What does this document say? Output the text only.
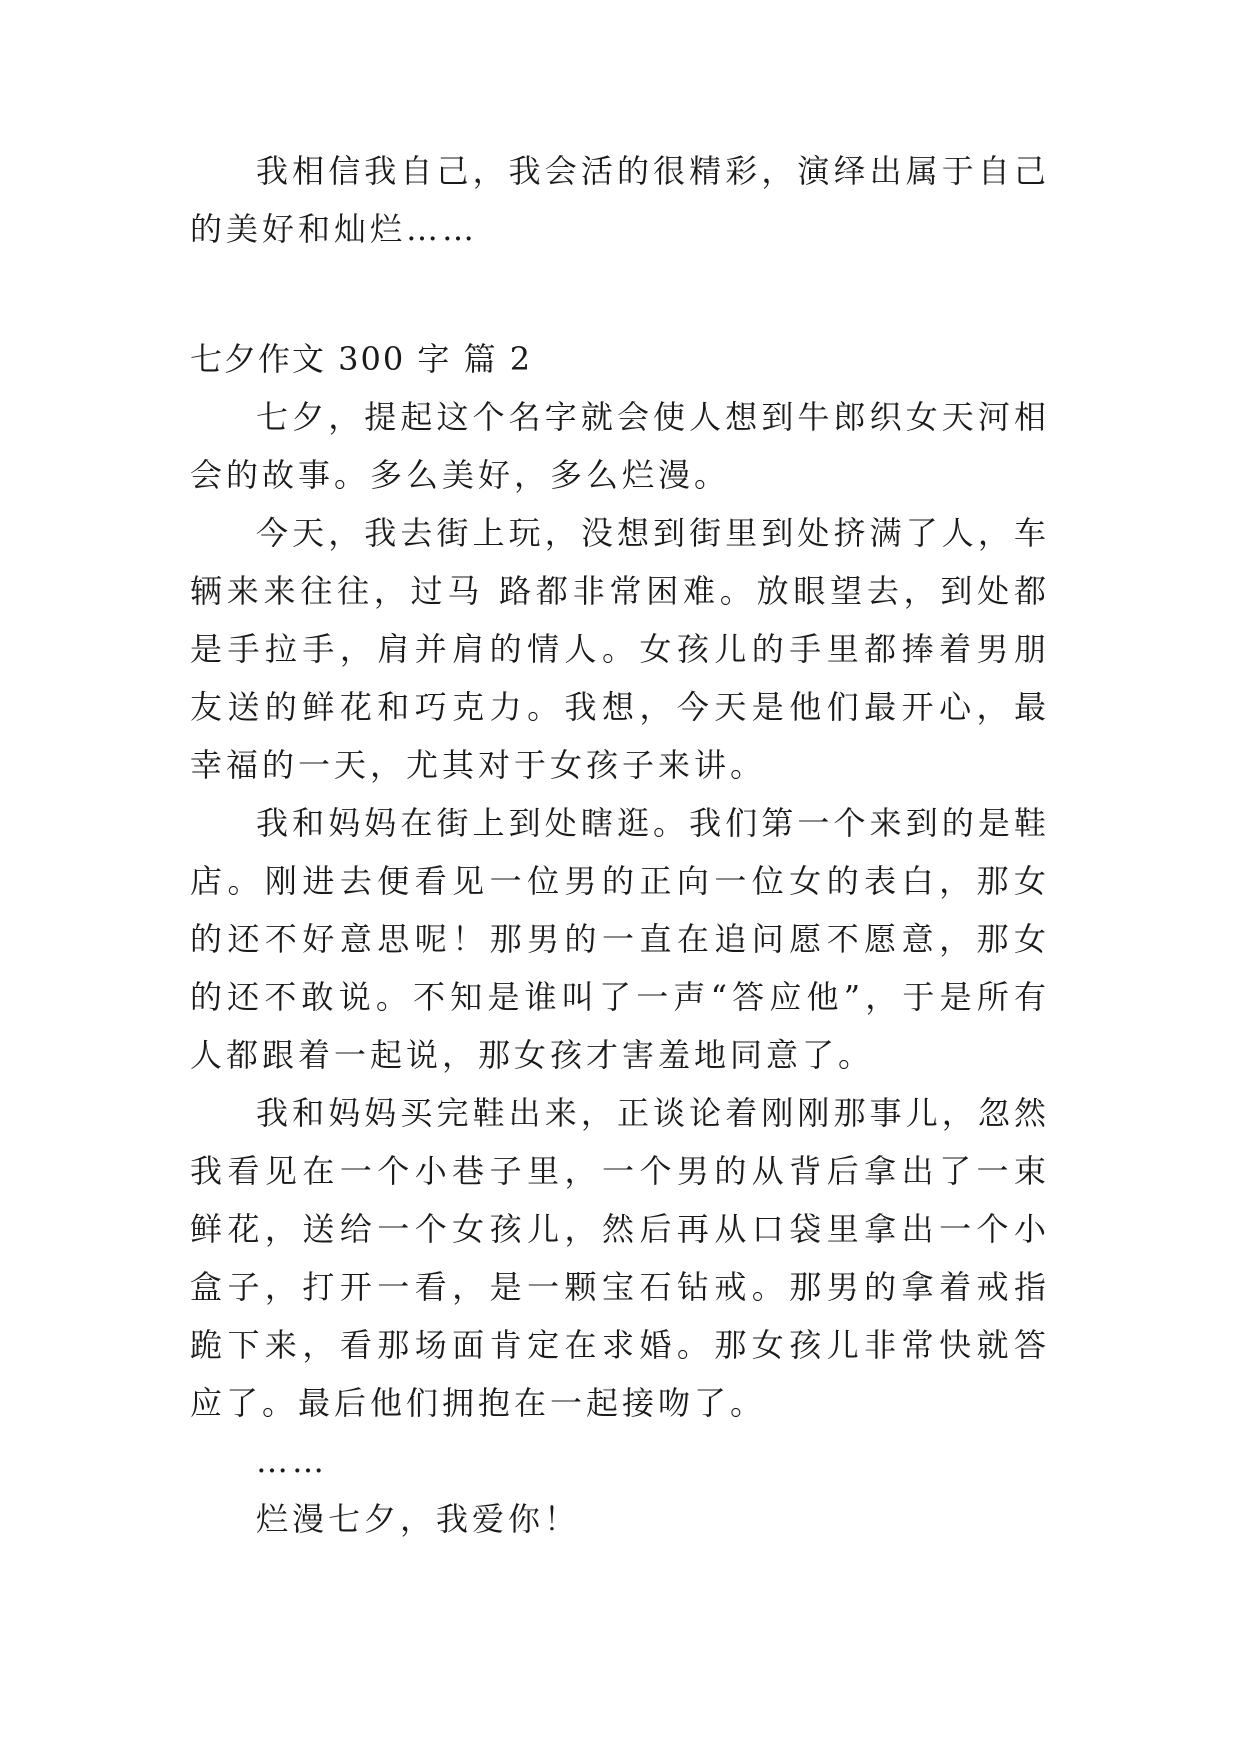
我相信我自己，我会活的很精彩，演绎出属于自己的美好和灿烂……

七夕作文 300 字 篇 2

七夕，提起这个名字就会使人想到牛郎织女天河相会的故事。多么美好，多么烂漫。

今天，我去街上玩，没想到街里到处挤满了人，车辆来来往往，过马 路都非常困难。放眼望去，到处都是手拉手，肩并肩的情人。女孩儿的手里都捧着男朋友送的鲜花和巧克力。我想，今天是他们最开心，最幸福的一天，尤其对于女孩子来讲。

我和妈妈在街上到处瞎逛。我们第一个来到的是鞋店。刚进去便看见一位男的正向一位女的表白，那女的还不好意思呢！那男的一直在追问愿不愿意，那女的还不敢说。不知是谁叫了一声“答应他”，于是所有人都跟着一起说，那女孩才害羞地同意了。

我和妈妈买完鞋出来，正谈论着刚刚那事儿，忽然我看见在一个小巷子里，一个男的从背后拿出了一束鲜花，送给一个女孩儿，然后再从口袋里拿出一个小盒子，打开一看，是一颗宝石钻戒。那男的拿着戒指跪下来，看那场面肯定在求婚。那女孩儿非常快就答应了。最后他们拥抱在一起接吻了。

……

烂漫七夕，我爱你！
